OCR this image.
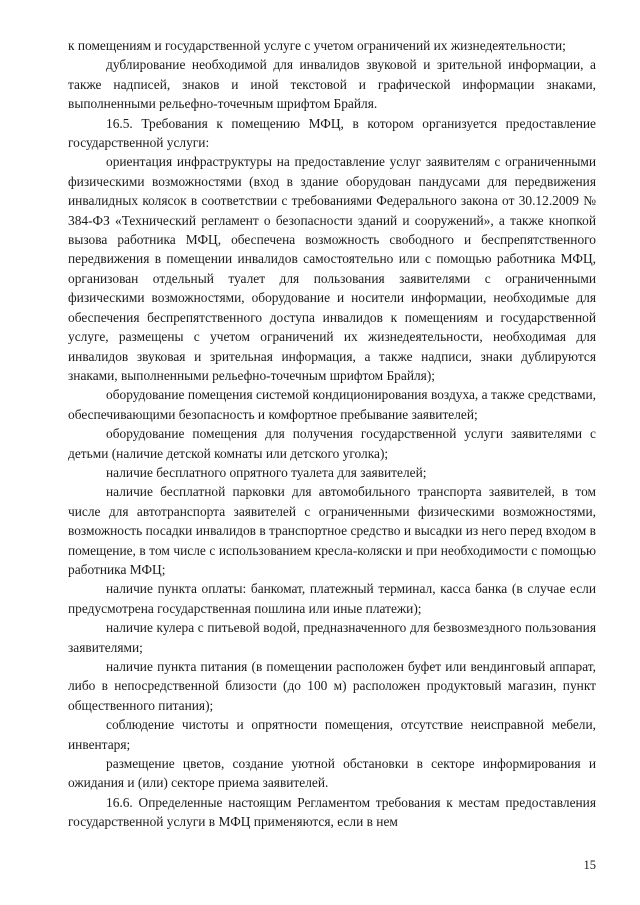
к помещениям и государственной услуге с учетом ограничений их жизнедеятельности;

дублирование необходимой для инвалидов звуковой и зрительной информации, а также надписей, знаков и иной текстовой и графической информации знаками, выполненными рельефно-точечным шрифтом Брайля.

16.5. Требования к помещению МФЦ, в котором организуется предоставление государственной услуги:

ориентация инфраструктуры на предоставление услуг заявителям с ограниченными физическими возможностями (вход в здание оборудован пандусами для передвижения инвалидных колясок в соответствии с требованиями Федерального закона от 30.12.2009 № 384-ФЗ «Технический регламент о безопасности зданий и сооружений», а также кнопкой вызова работника МФЦ, обеспечена возможность свободного и беспрепятственного передвижения в помещении инвалидов самостоятельно или с помощью работника МФЦ, организован отдельный туалет для пользования заявителями с ограниченными физическими возможностями, оборудование и носители информации, необходимые для обеспечения беспрепятственного доступа инвалидов к помещениям и государственной услуге, размещены с учетом ограничений их жизнедеятельности, необходимая для инвалидов звуковая и зрительная информация, а также надписи, знаки дублируются знаками, выполненными рельефно-точечным шрифтом Брайля);

оборудование помещения системой кондиционирования воздуха, а также средствами, обеспечивающими безопасность и комфортное пребывание заявителей;

оборудование помещения для получения государственной услуги заявителями с детьми (наличие детской комнаты или детского уголка);

наличие бесплатного опрятного туалета для заявителей;

наличие бесплатной парковки для автомобильного транспорта заявителей, в том числе для автотранспорта заявителей с ограниченными физическими возможностями, возможность посадки инвалидов в транспортное средство и высадки из него перед входом в помещение, в том числе с использованием кресла-коляски и при необходимости с помощью работника МФЦ;

наличие пункта оплаты: банкомат, платежный терминал, касса банка (в случае если предусмотрена государственная пошлина или иные платежи);

наличие кулера с питьевой водой, предназначенного для безвозмездного пользования заявителями;

наличие пункта питания (в помещении расположен буфет или вендинговый аппарат, либо в непосредственной близости (до 100 м) расположен продуктовый магазин, пункт общественного питания);

соблюдение чистоты и опрятности помещения, отсутствие неисправной мебели, инвентаря;

размещение цветов, создание уютной обстановки в секторе информирования и ожидания и (или) секторе приема заявителей.

16.6. Определенные настоящим Регламентом требования к местам предоставления государственной услуги в МФЦ применяются, если в нем

15
